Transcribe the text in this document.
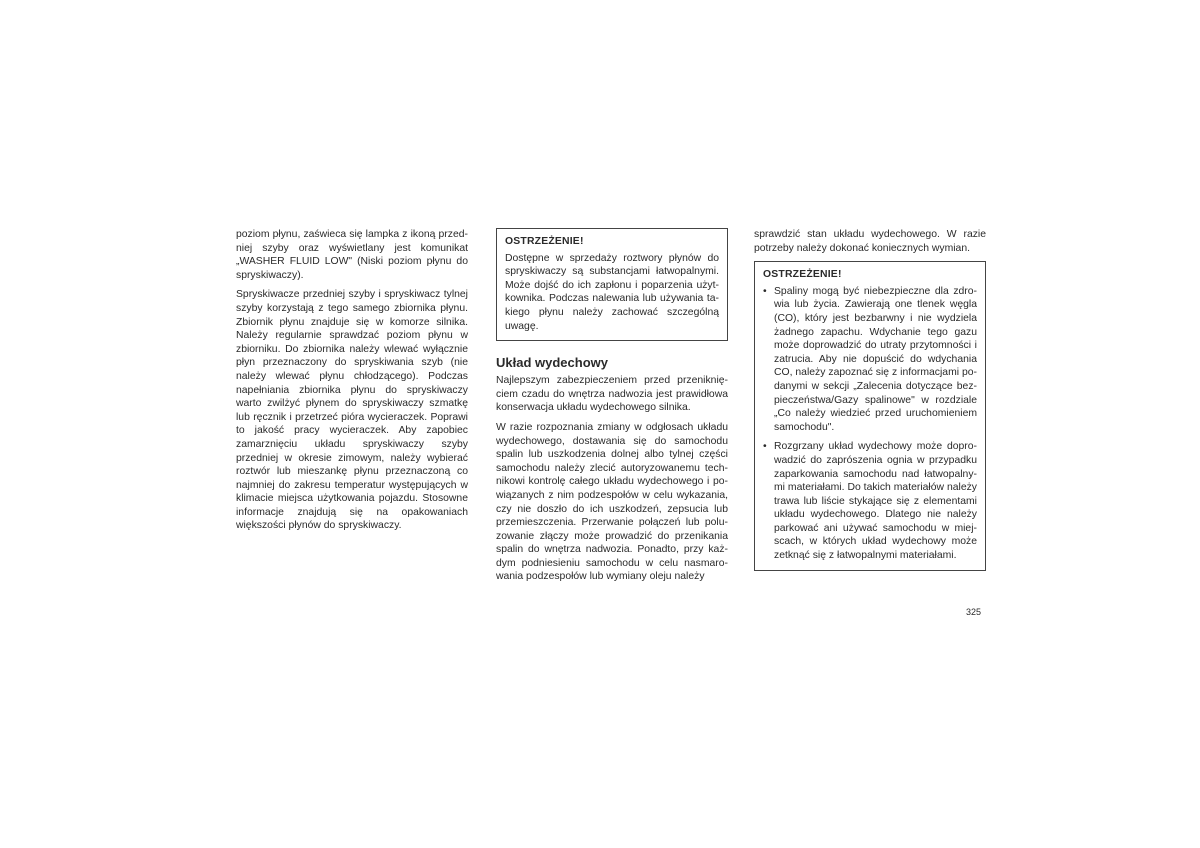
poziom płynu, zaświeca się lampka z ikoną przedniej szyby oraz wyświetlany jest komunikat „WASHER FLUID LOW" (Niski poziom płynu do spryskiwaczy).

Spryskiwacze przedniej szyby i spryskiwacz tylnej szyby korzystają z tego samego zbiornika płynu. Zbiornik płynu znajduje się w komorze silnika. Należy regularnie sprawdzać poziom płynu w zbiorniku. Do zbiornika należy wlewać wyłącznie płyn przeznaczony do spryskiwania szyb (nie należy wlewać płynu chłodzącego). Podczas napełniania zbiornika płynu do spryskiwaczy warto zwilżyć płynem do spryskiwaczy szmatkę lub ręcznik i przetrzeć pióra wycieraczek. Poprawi to jakość pracy wycieraczek. Aby zapobiec zamarznięciu układu spryskiwaczy szyby przedniej w okresie zimowym, należy wybierać roztwór lub mieszankę płynu przeznaczoną co najmniej do zakresu temperatur występujących w klimacie miejsca użytkowania pojazdu. Stosowne informacje znajdują się na opakowaniach większości płynów do spryskiwaczy.

OSTRZEŻENIE!

Dostępne w sprzedaży roztwory płynów do spryskiwaczy są substancjami łatwopalnymi. Może dojść do ich zapłonu i poparzenia użytkownika. Podczas nalewania lub używania takiego płynu należy zachować szczególną uwagę.

Układ wydechowy

Najlepszym zabezpieczeniem przed przeniknięciem czadu do wnętrza nadwozia jest prawidłowa konserwacja układu wydechowego silnika.

W razie rozpoznania zmiany w odgłosach układu wydechowego, dostawania się do samochodu spalin lub uszkodzenia dolnej albo tylnej części samochodu należy zlecić autoryzowanemu technikowi kontrolę całego układu wydechowego i powiązanych z nim podzespołów w celu wykazania, czy nie doszło do ich uszkodzeń, zepsucia lub przemieszczenia. Przerwanie połączeń lub poluzowanie złączy może prowadzić do przenikania spalin do wnętrza nadwozia. Ponadto, przy każdym podniesieniu samochodu w celu nasmarowania podzespołów lub wymiany oleju należy

sprawdzić stan układu wydechowego. W razie potrzeby należy dokonać koniecznych wymian.

OSTRZEŻENIE!
• Spaliny mogą być niebezpieczne dla zdrowia lub życia. Zawierają one tlenek węgla (CO), który jest bezbarwny i nie wydziela żadnego zapachu. Wdychanie tego gazu może doprowadzić do utraty przytomności i zatrucia. Aby nie dopuścić do wdychania CO, należy zapoznać się z informacjami podanymi w sekcji „Zalecenia dotyczące bezpieczeństwa/Gazy spalinowe" w rozdziale „Co należy wiedzieć przed uruchomieniem samochodu".
• Rozgrzany układ wydechowy może doprowadzić do zaprószenia ognia w przypadku zaparkowania samochodu nad łatwopalnymi materiałami. Do takich materiałów należy trawa lub liście stykające się z elementami układu wydechowego. Dlatego nie należy parkować ani używać samochodu w miejscach, w których układ wydechowy może zetknąć się z łatwopalnymi materiałami.
325
